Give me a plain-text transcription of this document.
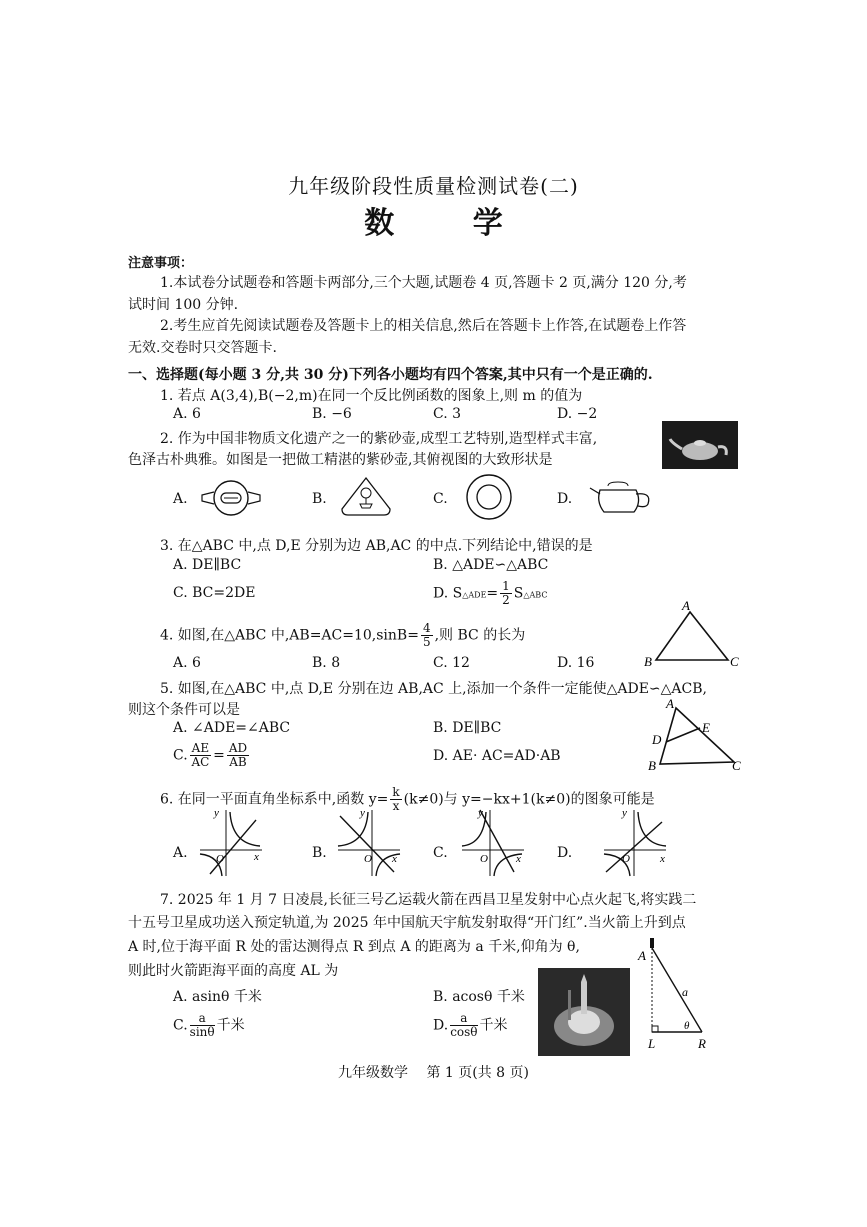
九年级阶段性质量检测试卷(二)
数 学
注意事项：
1.本试卷分试题卷和答题卡两部分,三个大题,试题卷 4 页,答题卡 2 页,满分 120 分,考
试时间 100 分钟.
2.考生应首先阅读试题卷及答题卡上的相关信息,然后在答题卡上作答,在试题卷上作答
无效.交卷时只交答题卡.
一、选择题(每小题 3 分,共 30 分)下列各小题均有四个答案,其中只有一个是正确的.
1. 若点 A(3,4),B(−2,m)在同一个反比例函数的图象上,则 m 的值为
A. 6	B. −6	C. 3	D. −2
2. 作为中国非物质文化遗产之一的紫砂壶,成型工艺特别,造型样式丰富,
色泽古朴典雅。如图是一把做工精湛的紫砂壶,其俯视图的大致形状是
A.	B.	C.	D.
3. 在△ABC 中,点 D,E 分别为边 AB,AC 的中点.下列结论中,错误的是
A. DE∥BC	B. △ADE∽△ABC
C. BC=2DE	D. S△ADE= $\frac{1}{2}$ S△ABC
4. 如图,在△ABC 中$,AB=AC=10,\sin B= \frac{4}{5}$ ,则 BC 的长为
A. 6	B. 8	C. 12	D. 16
A
B	C
5. 如图,在△ABC 中,点 D,E 分别在边 AB,AC 上,添加一个条件一定能使△ADE∽△ACB,
则这个条件可以是
A. ∠ADE=∠ABC	B. DE∥BC
C. $\frac{AE}{AC} = \frac{AD}{AB}$	D. AE· AC=AD·AB
A
D
E
B	C
6. 在同一平面直角坐标系中,函数 $y= \frac{k}{x} (k\ne 0)$与 y=−kx+1(k≠0)的图象可能是
A.	B.	C.	D.
y
x
O
y
x
O
y
x
O
y
x
O
7. 2025 年 1 月 7 日凌晨,长征三号乙运载火箭在西昌卫星发射中心点火起飞,将实践二
十五号卫星成功送入预定轨道,为 2025 年中国航天宇航发射取得“开门红”.当火箭上升到点
A 时,位于海平面 R 处的雷达测得点 R 到点 A 的距离为 a 千米,仰角为 θ,
则此时火箭距海平面的高度 AL 为
A. asinθ 千米	B. acosθ 千米
C. $\frac{a}{\sin\theta}$ 千米	D. $\frac{a}{\cos\theta}$ 千米
A
a
θ
L	R
九年级数学　 第 1 页(共 8 页)
